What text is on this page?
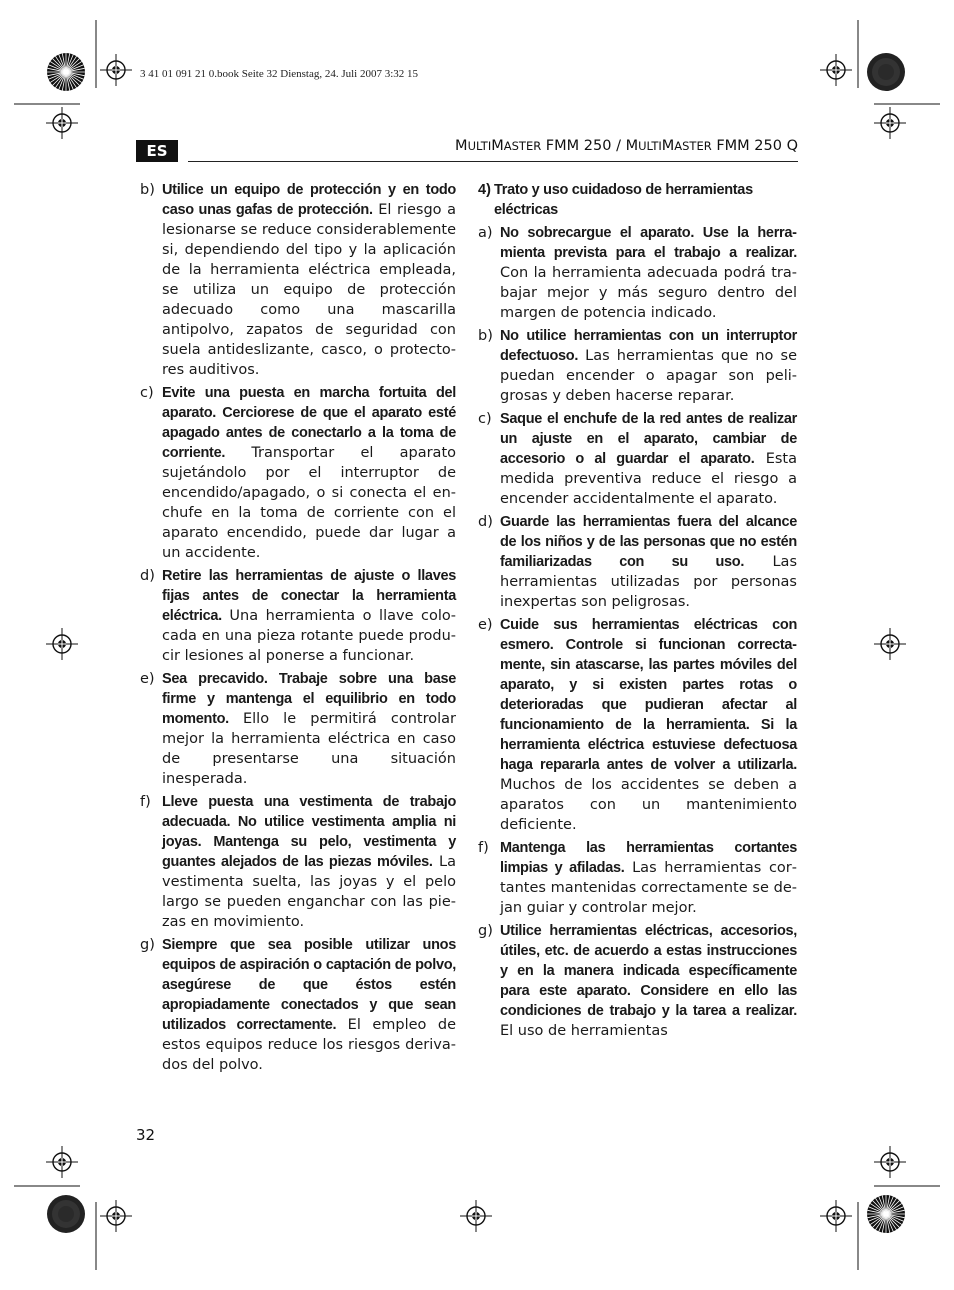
3 41 01 091 21 0.book Seite 32 Dienstag, 24. Juli 2007 3:32 15
ES	MULTIMASTER FMM 250 / MULTIMASTER FMM 250 Q
b) Utilice un equipo de protección y en todo caso unas gafas de protección. El riesgo a lesionarse se reduce considerablemente si, dependiendo del tipo y la aplicación de la herramienta eléctrica empleada, se utiliza un equipo de protección adecuado como una mascarilla antipolvo, zapatos de seguridad con suela antideslizante, casco, o protectores auditivos.
c) Evite una puesta en marcha fortuita del aparato. Cerciorese de que el aparato esté apagado antes de conectarlo a la toma de corriente. Transportar el aparato sujetándolo por el interruptor de encendido/apagado, o si conecta el enchufe en la toma de corriente con el aparato encendido, puede dar lugar a un accidente.
d) Retire las herramientas de ajuste o llaves fijas antes de conectar la herramienta eléctrica. Una herramienta o llave colocada en una pieza rotante puede producir lesiones al ponerse a funcionar.
e) Sea precavido. Trabaje sobre una base firme y mantenga el equilibrio en todo momento. Ello le permitirá controlar mejor la herramienta eléctrica en caso de presentarse una situación inesperada.
f) Lleve puesta una vestimenta de trabajo adecuada. No utilice vestimenta amplia ni joyas. Mantenga su pelo, vestimenta y guantes alejados de las piezas móviles. La vestimenta suelta, las joyas y el pelo largo se pueden enganchar con las piezas en movimiento.
g) Siempre que sea posible utilizar unos equipos de aspiración o captación de polvo, asegúrese de que éstos estén apropiadamente conectados y que sean utilizados correctamente. El empleo de estos equipos reduce los riesgos derivados del polvo.
4) Trato y uso cuidadoso de herramientas eléctricas
a) No sobrecargue el aparato. Use la herramienta prevista para el trabajo a realizar. Con la herramienta adecuada podrá trabajar mejor y más seguro dentro del margen de potencia indicado.
b) No utilice herramientas con un interruptor defectuoso. Las herramientas que no se puedan encender o apagar son peligrosas y deben hacerse reparar.
c) Saque el enchufe de la red antes de realizar un ajuste en el aparato, cambiar de accesorio o al guardar el aparato. Esta medida preventiva reduce el riesgo a encender accidentalmente el aparato.
d) Guarde las herramientas fuera del alcance de los niños y de las personas que no estén familiarizadas con su uso. Las herramientas utilizadas por personas inexpertas son peligrosas.
e) Cuide sus herramientas eléctricas con esmero. Controle si funcionan correctamente, sin atascarse, las partes móviles del aparato, y si existen partes rotas o deterioradas que pudieran afectar al funcionamiento de la herramienta. Si la herramienta eléctrica estuviese defectuosa haga repararla antes de volver a utilizarla. Muchos de los accidentes se deben a aparatos con un mantenimiento deficiente.
f) Mantenga las herramientas cortantes limpias y afiladas. Las herramientas cortantes mantenidas correctamente se dejan guiar y controlar mejor.
g) Utilice herramientas eléctricas, accesorios, útiles, etc. de acuerdo a estas instrucciones y en la manera indicada específicamente para este aparato. Considere en ello las condiciones de trabajo y la tarea a realizar. El uso de herramientas
32
